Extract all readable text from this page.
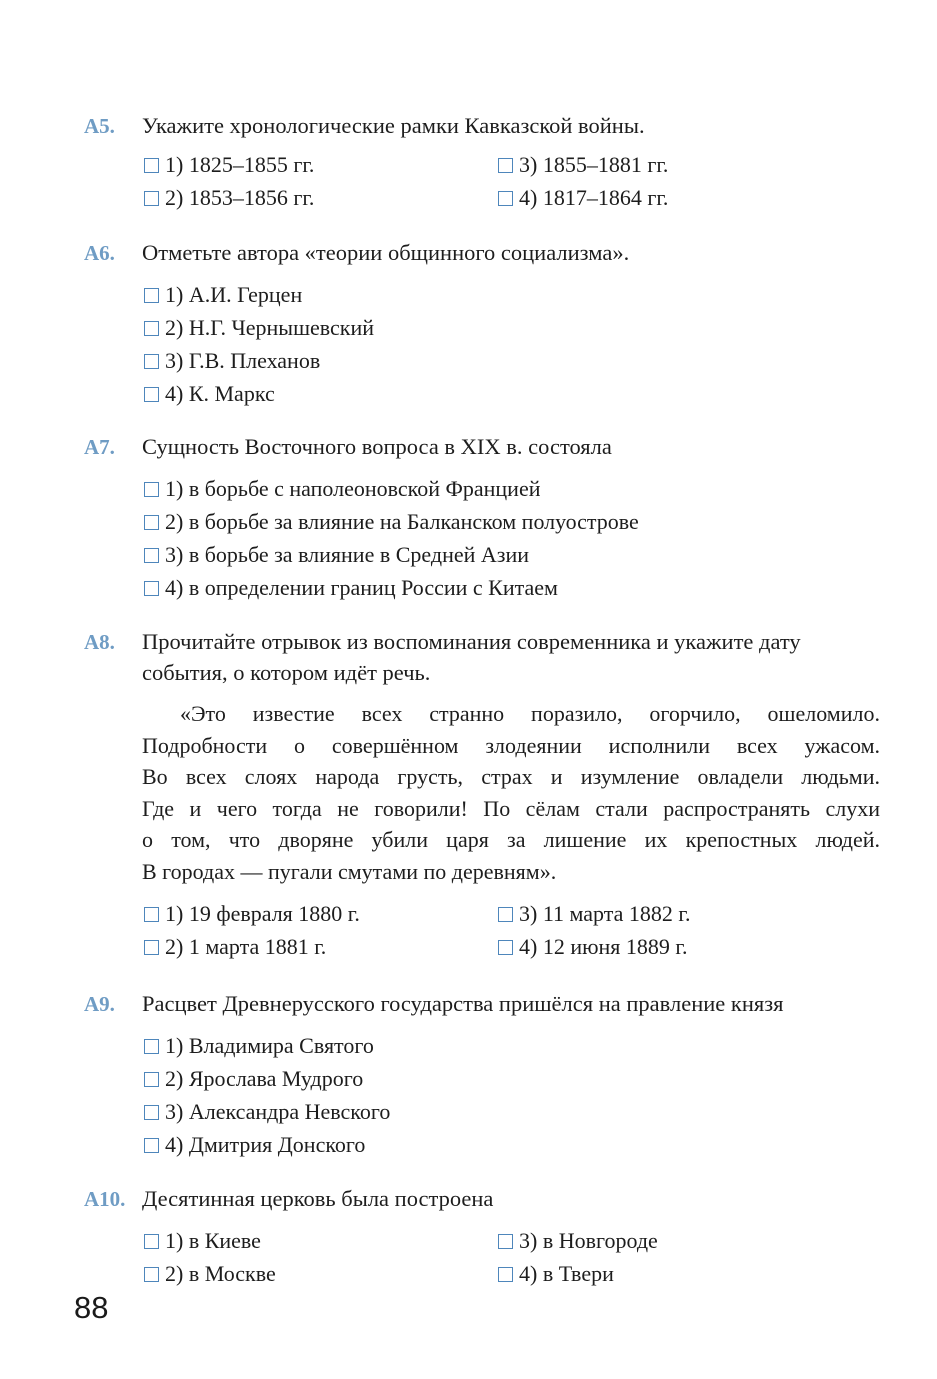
А5.	Укажите хронологические рамки Кавказской войны.
1) 1825–1855 гг.	3) 1855–1881 гг.
2) 1853–1856 гг.	4) 1817–1864 гг.
А6.	Отметьте автора «теории общинного социализма».
1) А.И. Герцен
2) Н.Г. Чернышевский
3) Г.В. Плеханов
4) К. Маркс
А7.	Сущность Восточного вопроса в XIX в. состояла
1) в борьбе с наполеоновской Францией
2) в борьбе за влияние на Балканском полуострове
3) в борьбе за влияние в Средней Азии
4) в определении границ России с Китаем
А8.	Прочитайте отрывок из воспоминания современника и укажите дату
события, о котором идёт речь.
«Это известие всех странно поразило, огорчило, ошеломило.
Подробности о совершённом злодеянии исполнили всех ужасом.
Во всех слоях народа грусть, страх и изумление овладели людьми.
Где и чего тогда не говорили! По сёлам стали распространять слухи
о том, что дворяне убили царя за лишение их крепостных людей.
В городах — пугали смутами по деревням».
1) 19 февраля 1880 г.	3) 11 марта 1882 г.
2) 1 марта 1881 г.	4) 12 июня 1889 г.
А9.	Расцвет Древнерусского государства пришёлся на правление князя
1) Владимира Святого
2) Ярослава Мудрого
3) Александра Невского
4) Дмитрия Донского
А10. Десятинная церковь была построена
1) в Киеве	3) в Новгороде
2) в Москве	4) в Твери
88
